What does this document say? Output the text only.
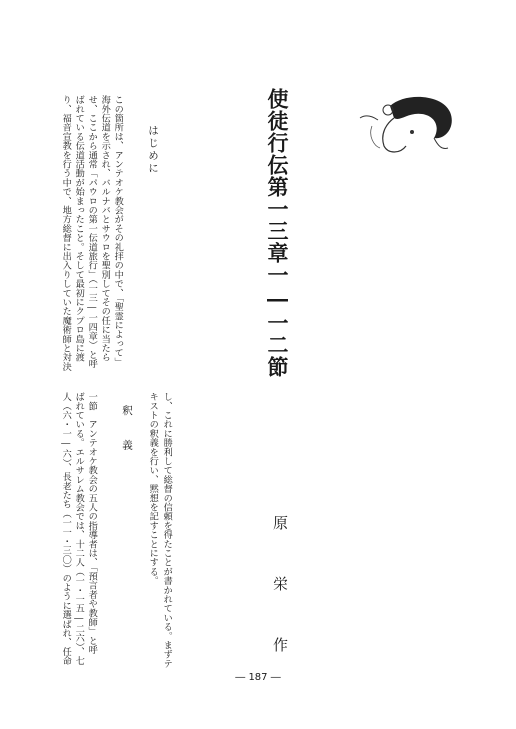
使徒行伝第一三章一―一二節
原 栄 作
はじめに
この箇所は、アンテオケ教会がその礼拝の中で、「聖霊によって」
海外伝道を示され、バルナバとサウロを聖別してその任に当たら
せ、ここから通常「パウロの第一伝道旅行」（一三―一四章）と呼
ばれている伝道活動が始まったこと。そして最初にクプロ島に渡
り、福音宣教を行う中で、地方総督に出入りしていた魔術師と対決
し、これに勝利して総督の信頼を得たことが書かれている。まずテ
キストの釈義を行い、黙想を記すことにする。
釈 義
一節　アンテオケ教会の五人の指導者は、「預言者や教師」と呼
ばれている。エルサレム教会では、十二人（一・一五―二六）、七
人（六・一―六）、長老たち（一一・三〇）のように選ばれ、任命
― 187 ―
